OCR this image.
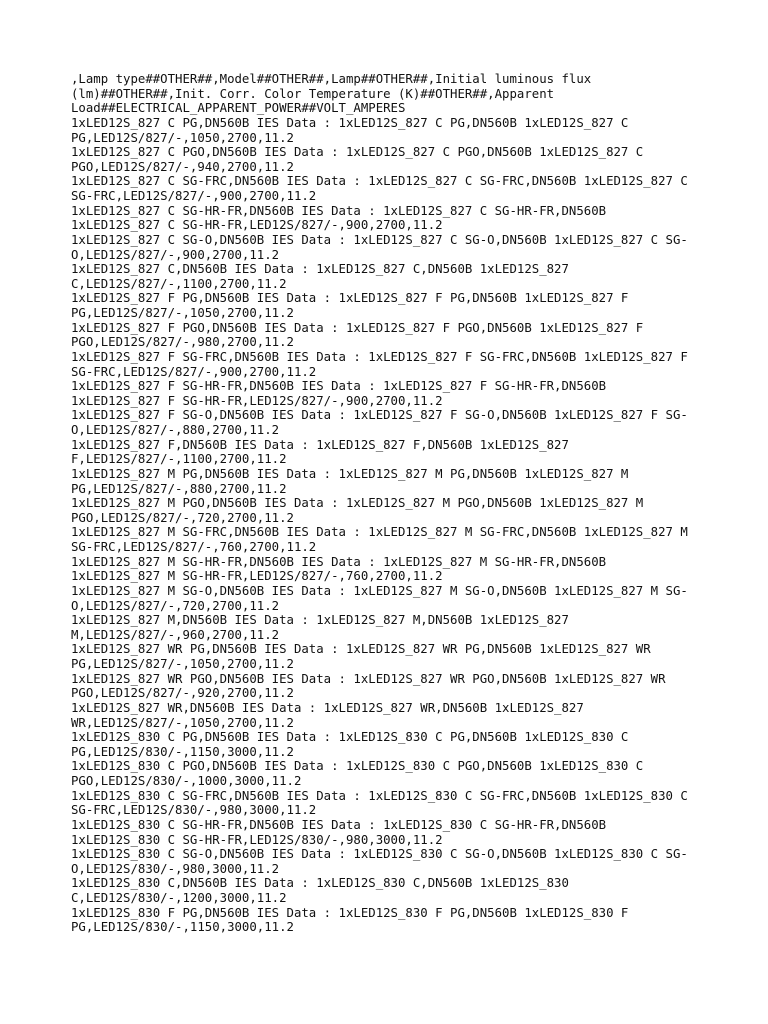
,Lamp type##OTHER##,Model##OTHER##,Lamp##OTHER##,Initial luminous flux
(lm)##OTHER##,Init. Corr. Color Temperature (K)##OTHER##,Apparent
Load##ELECTRICAL_APPARENT_POWER##VOLT_AMPERES
1xLED12S_827 C PG,DN560B IES Data : 1xLED12S_827 C PG,DN560B 1xLED12S_827 C
PG,LED12S/827/-,1050,2700,11.2
1xLED12S_827 C PGO,DN560B IES Data : 1xLED12S_827 C PGO,DN560B 1xLED12S_827 C
PGO,LED12S/827/-,940,2700,11.2
1xLED12S_827 C SG-FRC,DN560B IES Data : 1xLED12S_827 C SG-FRC,DN560B 1xLED12S_827 C
SG-FRC,LED12S/827/-,900,2700,11.2
1xLED12S_827 C SG-HR-FR,DN560B IES Data : 1xLED12S_827 C SG-HR-FR,DN560B
1xLED12S_827 C SG-HR-FR,LED12S/827/-,900,2700,11.2
1xLED12S_827 C SG-O,DN560B IES Data : 1xLED12S_827 C SG-O,DN560B 1xLED12S_827 C SG-
O,LED12S/827/-,900,2700,11.2
1xLED12S_827 C,DN560B IES Data : 1xLED12S_827 C,DN560B 1xLED12S_827
C,LED12S/827/-,1100,2700,11.2
1xLED12S_827 F PG,DN560B IES Data : 1xLED12S_827 F PG,DN560B 1xLED12S_827 F
PG,LED12S/827/-,1050,2700,11.2
1xLED12S_827 F PGO,DN560B IES Data : 1xLED12S_827 F PGO,DN560B 1xLED12S_827 F
PGO,LED12S/827/-,980,2700,11.2
1xLED12S_827 F SG-FRC,DN560B IES Data : 1xLED12S_827 F SG-FRC,DN560B 1xLED12S_827 F
SG-FRC,LED12S/827/-,900,2700,11.2
1xLED12S_827 F SG-HR-FR,DN560B IES Data : 1xLED12S_827 F SG-HR-FR,DN560B
1xLED12S_827 F SG-HR-FR,LED12S/827/-,900,2700,11.2
1xLED12S_827 F SG-O,DN560B IES Data : 1xLED12S_827 F SG-O,DN560B 1xLED12S_827 F SG-
O,LED12S/827/-,880,2700,11.2
1xLED12S_827 F,DN560B IES Data : 1xLED12S_827 F,DN560B 1xLED12S_827
F,LED12S/827/-,1100,2700,11.2
1xLED12S_827 M PG,DN560B IES Data : 1xLED12S_827 M PG,DN560B 1xLED12S_827 M
PG,LED12S/827/-,880,2700,11.2
1xLED12S_827 M PGO,DN560B IES Data : 1xLED12S_827 M PGO,DN560B 1xLED12S_827 M
PGO,LED12S/827/-,720,2700,11.2
1xLED12S_827 M SG-FRC,DN560B IES Data : 1xLED12S_827 M SG-FRC,DN560B 1xLED12S_827 M
SG-FRC,LED12S/827/-,760,2700,11.2
1xLED12S_827 M SG-HR-FR,DN560B IES Data : 1xLED12S_827 M SG-HR-FR,DN560B
1xLED12S_827 M SG-HR-FR,LED12S/827/-,760,2700,11.2
1xLED12S_827 M SG-O,DN560B IES Data : 1xLED12S_827 M SG-O,DN560B 1xLED12S_827 M SG-
O,LED12S/827/-,720,2700,11.2
1xLED12S_827 M,DN560B IES Data : 1xLED12S_827 M,DN560B 1xLED12S_827
M,LED12S/827/-,960,2700,11.2
1xLED12S_827 WR PG,DN560B IES Data : 1xLED12S_827 WR PG,DN560B 1xLED12S_827 WR
PG,LED12S/827/-,1050,2700,11.2
1xLED12S_827 WR PGO,DN560B IES Data : 1xLED12S_827 WR PGO,DN560B 1xLED12S_827 WR
PGO,LED12S/827/-,920,2700,11.2
1xLED12S_827 WR,DN560B IES Data : 1xLED12S_827 WR,DN560B 1xLED12S_827
WR,LED12S/827/-,1050,2700,11.2
1xLED12S_830 C PG,DN560B IES Data : 1xLED12S_830 C PG,DN560B 1xLED12S_830 C
PG,LED12S/830/-,1150,3000,11.2
1xLED12S_830 C PGO,DN560B IES Data : 1xLED12S_830 C PGO,DN560B 1xLED12S_830 C
PGO,LED12S/830/-,1000,3000,11.2
1xLED12S_830 C SG-FRC,DN560B IES Data : 1xLED12S_830 C SG-FRC,DN560B 1xLED12S_830 C
SG-FRC,LED12S/830/-,980,3000,11.2
1xLED12S_830 C SG-HR-FR,DN560B IES Data : 1xLED12S_830 C SG-HR-FR,DN560B
1xLED12S_830 C SG-HR-FR,LED12S/830/-,980,3000,11.2
1xLED12S_830 C SG-O,DN560B IES Data : 1xLED12S_830 C SG-O,DN560B 1xLED12S_830 C SG-
O,LED12S/830/-,980,3000,11.2
1xLED12S_830 C,DN560B IES Data : 1xLED12S_830 C,DN560B 1xLED12S_830
C,LED12S/830/-,1200,3000,11.2
1xLED12S_830 F PG,DN560B IES Data : 1xLED12S_830 F PG,DN560B 1xLED12S_830 F
PG,LED12S/830/-,1150,3000,11.2
